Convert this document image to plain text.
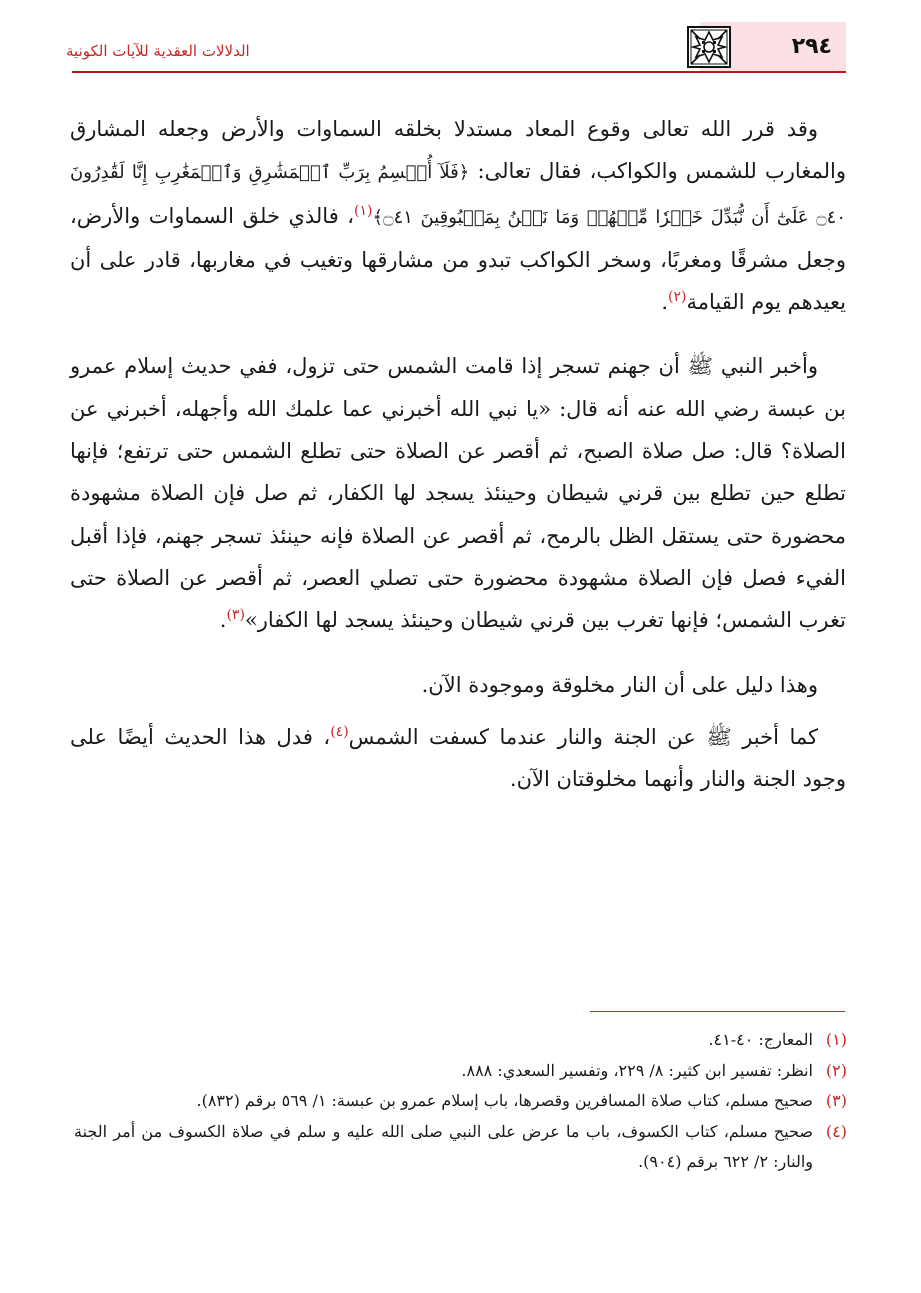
٢٩٤
الدلالات العقدية للآيات الكونية

وقد قرر الله تعالى وقوع المعاد مستدلا بخلقه السماوات والأرض وجعله المشارق والمغارب للشمس والكواكب، فقال تعالى: ﴿فَلَآ أُقۡسِمُ بِرَبِّ ٱلۡمَشَٰرِقِ وَٱلۡمَغَٰرِبِ إِنَّا لَقَٰدِرُونَ ۝٤٠ عَلَىٰٓ أَن نُّبَدِّلَ خَيۡرٗا مِّنۡهُمۡ وَمَا نَحۡنُ بِمَسۡبُوقِينَ ۝٤١﴾$^{(١)}$، فالذي خلق السماوات والأرض، وجعل مشرقًا ومغربًا، وسخر الكواكب تبدو من مشارقها وتغيب في مغاربها، قادر على أن يعيدهم يوم القيامة$^{(٢)}$.

وأخبر النبي ﷺ أن جهنم تسجر إذا قامت الشمس حتى تزول، ففي حديث إسلام عمرو بن عبسة رضي الله عنه أنه قال: «يا نبي الله أخبرني عما علمك الله وأجهله، أخبرني عن الصلاة؟ قال: صل صلاة الصبح، ثم أقصر عن الصلاة حتى تطلع الشمس حتى ترتفع؛ فإنها تطلع حين تطلع بين قرني شيطان وحينئذ يسجد لها الكفار، ثم صل فإن الصلاة مشهودة محضورة حتى يستقل الظل بالرمح، ثم أقصر عن الصلاة فإنه حينئذ تسجر جهنم، فإذا أقبل الفيء فصل فإن الصلاة مشهودة محضورة حتى تصلي العصر، ثم أقصر عن الصلاة حتى تغرب الشمس؛ فإنها تغرب بين قرني شيطان وحينئذ يسجد لها الكفار»$^{(٣)}$.

وهذا دليل على أن النار مخلوقة وموجودة الآن.

كما أخبر ﷺ عن الجنة والنار عندما كسفت الشمس$^{(٤)}$، فدل هذا الحديث أيضًا على وجود الجنة والنار وأنهما مخلوقتان الآن.

(١)
المعارج: ٤٠-٤١.

(٢)
انظر: تفسير ابن كثير: ٨/ ٢٢٩، وتفسير السعدي: ٨٨٨.

(٣)
صحيح مسلم، كتاب صلاة المسافرين وقصرها، باب إسلام عمرو بن عبسة: ١/ ٥٦٩ برقم (٨٣٢).

(٤)
صحيح مسلم، كتاب الكسوف، باب ما عرض على النبي صلى الله عليه و سلم في صلاة الكسوف من أمر الجنة والنار: ٢/ ٦٢٢ برقم (٩٠٤).
